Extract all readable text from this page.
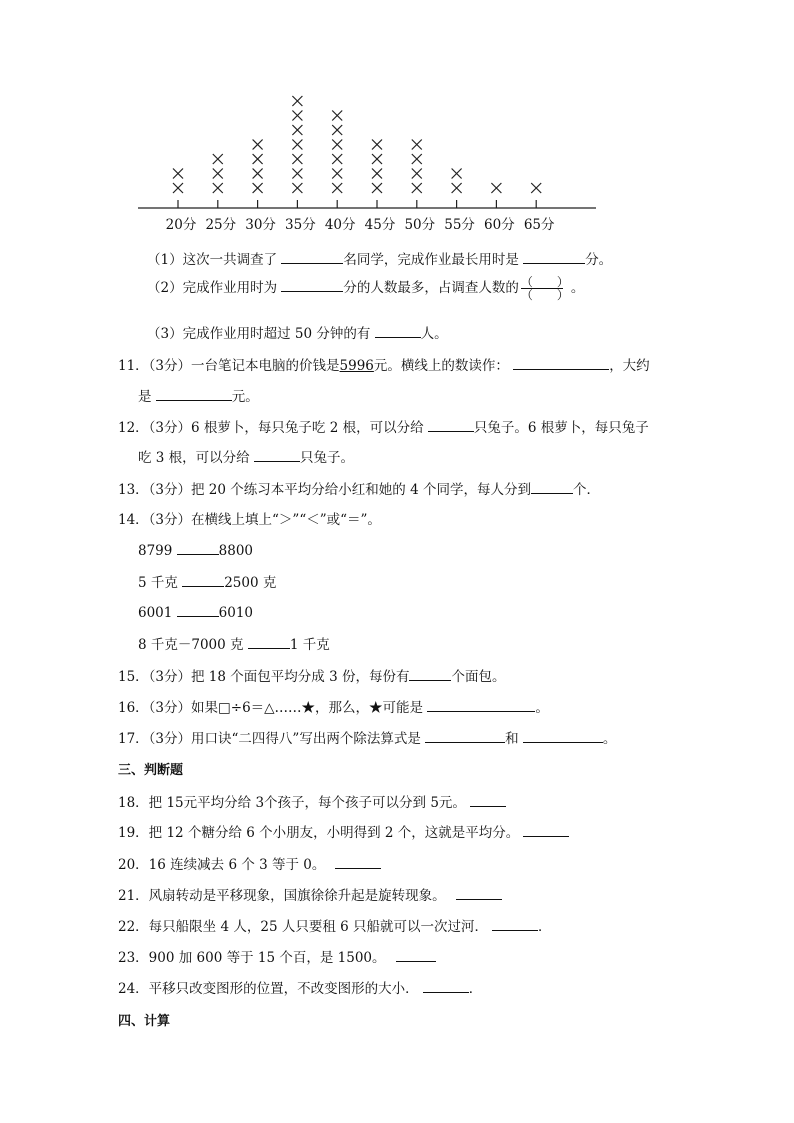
20分 25分 30分 35分 40分 45分 50分 55分 60分 65分
（1）这次一共调查了	名同学，完成作业最长用时是	分。
（2）完成作业用时为	分的人数最多，占调查人数的 $\frac{( )}{( )}$ 。
（3）完成作业用时超过 50 分钟的有	人。
11．（3分）一台笔记本电脑的价钱是5996元。横线上的数读作：	，大约
是	元。
12．（3分）6 根萝卜，每只兔子吃 2 根，可以分给	只兔子。6 根萝卜，每只兔子
吃 3 根，可以分给	只兔子。
13．（3分）把 20 个练习本平均分给小红和她的 4 个同学，每人分到	个．
14．（3分）在横线上填上“＞”“＜”或“＝”。
8799	8800
5 千克	2500 克
6001	6010
8 千克－7000 克	1 千克
15．（3分）把 18 个面包平均分成 3 份，每份有	个面包。
16．（3分）如果□÷6＝△……★，那么，★可能是	。
17．（3分）用口诀“二四得八”写出两个除法算式是	和	。
三、判断题
18．把 15元平均分给 3个孩子，每个孩子可以分到 5元。
19．把 12 个糖分给 6 个小朋友，小明得到 2 个，这就是平均分。
20．16 连续减去 6 个 3 等于 0。
21．风扇转动是平移现象，国旗徐徐升起是旋转现象。
22．每只船限坐 4 人，25 人只要租 6 只船就可以一次过河．	．
23．900 加 600 等于 15 个百，是 1500。
24．平移只改变图形的位置，不改变图形的大小．	．
四、计算
